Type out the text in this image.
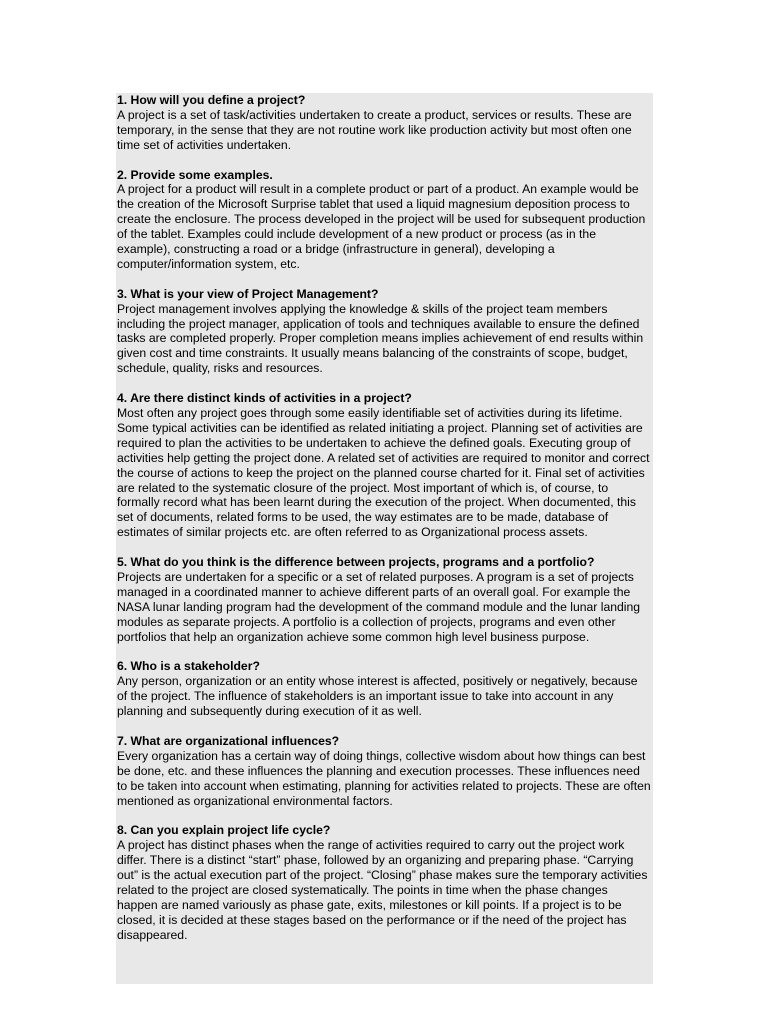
1. How will you define a project?
A project is a set of task/activities undertaken to create a product, services or results. These are temporary, in the sense that they are not routine work like production activity but most often one time set of activities undertaken.
2. Provide some examples.
A project for a product will result in a complete product or part of a product. An example would be the creation of the Microsoft Surprise tablet that used a liquid magnesium deposition process to create the enclosure. The process developed in the project will be used for subsequent production of the tablet. Examples could include development of a new product or process (as in the example), constructing a road or a bridge (infrastructure in general), developing a computer/information system, etc.
3. What is your view of Project Management?
Project management involves applying the knowledge & skills of the project team members including the project manager, application of tools and techniques available to ensure the defined tasks are completed properly. Proper completion means implies achievement of end results within given cost and time constraints. It usually means balancing of the constraints of scope, budget, schedule, quality, risks and resources.
4. Are there distinct kinds of activities in a project?
Most often any project goes through some easily identifiable set of activities during its lifetime. Some typical activities can be identified as related initiating a project. Planning set of activities are required to plan the activities to be undertaken to achieve the defined goals. Executing group of activities help getting the project done. A related set of activities are required to monitor and correct the course of actions to keep the project on the planned course charted for it. Final set of activities are related to the systematic closure of the project. Most important of which is, of course, to formally record what has been learnt during the execution of the project. When documented, this set of documents, related forms to be used, the way estimates are to be made, database of estimates of similar projects etc. are often referred to as Organizational process assets.
5. What do you think is the difference between projects, programs and a portfolio?
Projects are undertaken for a specific or a set of related purposes. A program is a set of projects managed in a coordinated manner to achieve different parts of an overall goal. For example the NASA lunar landing program had the development of the command module and the lunar landing modules as separate projects. A portfolio is a collection of projects, programs and even other portfolios that help an organization achieve some common high level business purpose.
6. Who is a stakeholder?
Any person, organization or an entity whose interest is affected, positively or negatively, because of the project. The influence of stakeholders is an important issue to take into account in any planning and subsequently during execution of it as well.
7. What are organizational influences?
Every organization has a certain way of doing things, collective wisdom about how things can best be done, etc. and these influences the planning and execution processes. These influences need to be taken into account when estimating, planning for activities related to projects. These are often mentioned as organizational environmental factors.
8. Can you explain project life cycle?
A project has distinct phases when the range of activities required to carry out the project work differ. There is a distinct “start” phase, followed by an organizing and preparing phase. “Carrying out” is the actual execution part of the project. “Closing” phase makes sure the temporary activities related to the project are closed systematically. The points in time when the phase changes happen are named variously as phase gate, exits, milestones or kill points. If a project is to be closed, it is decided at these stages based on the performance or if the need of the project has disappeared.
